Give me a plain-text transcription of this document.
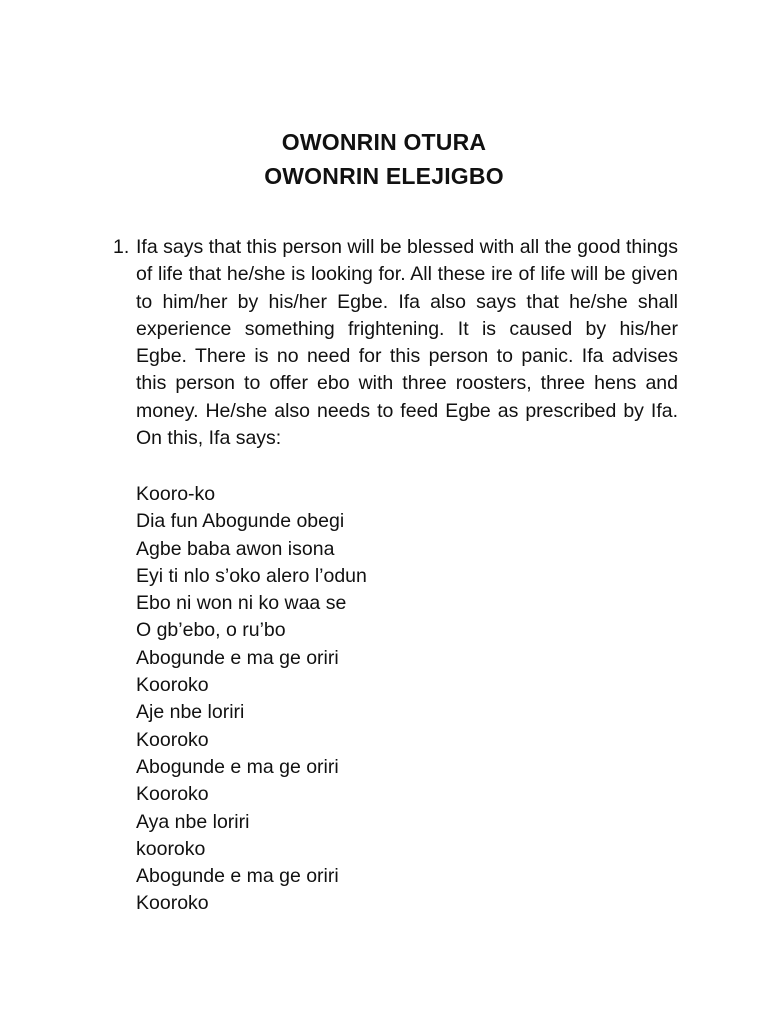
OWONRIN OTURA
OWONRIN ELEJIGBO
1. Ifa says that this person will be blessed with all the good things of life that he/she is looking for. All these ire of life will be given to him/her by his/her Egbe. Ifa also says that he/she shall experience something frightening. It is caused by his/her Egbe. There is no need for this person to panic. Ifa advises this person to offer ebo with three roosters, three hens and money. He/she also needs to feed Egbe as prescribed by Ifa. On this, Ifa says:
Kooro-ko
Dia fun Abogunde obegi
Agbe baba awon isona
Eyi ti nlo s’oko alero l’odun
Ebo ni won ni ko waa se
O gb’ebo, o ru’bo
Abogunde e ma ge oriri
Kooroko
Aje nbe loriri
Kooroko
Abogunde e ma ge oriri
Kooroko
Aya nbe loriri
kooroko
Abogunde e ma ge oriri
Kooroko
